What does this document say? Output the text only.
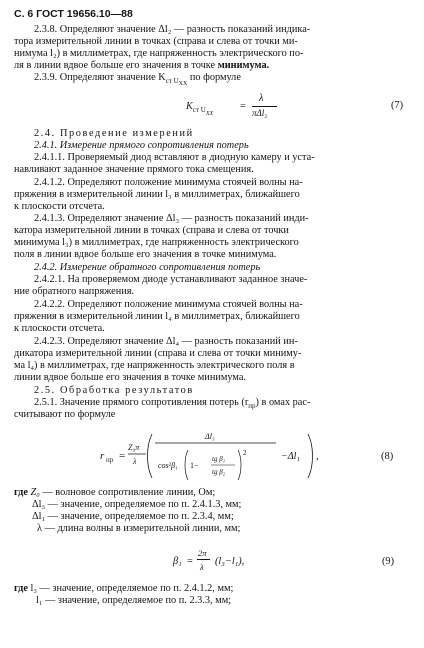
С. 6 ГОСТ 19656.10—88
2.3.8. Определяют значение Δl₂ — разность показаний индика-
тора измерительной линии в точках (справа и слева от точки ми-
нимума l₂) в миллиметрах, где напряженность электрического по-
ля в линии вдвое больше его значения в точке минимума.
2.3.9. Определяют значение $K_{ст UXX}$ по формуле
$K_{ст UXX}$
=
λ
πΔl₂
(7)
2.4. Проведение измерений
2.4.1. Измерение прямого сопротивления потерь
2.4.1.1. Проверяемый диод вставляют в диодную камеру и уста-
навливают заданное значение прямого тока смещения.
2.4.1.2. Определяют положение минимума стоячей волны на-
пряжения в измерительной линии l₃ в миллиметрах, ближайшего
к плоскости отсчета.
2.4.1.3. Определяют значение Δl₃ — разность показаний инди-
катора измерительной линии в точках (справа и слева от точки
минимума l₃) в миллиметрах, где напряженность электрического
поля в линии вдвое больше его значения в точке минимума.
2.4.2. Измерение обратного сопротивления потерь
2.4.2.1. На проверяемом диоде устанавливают заданное значе-
ние обратного напряжения.
2.4.2.2. Определяют положение минимума стоячей волны на-
пряжения в измерительной линии l₄ в миллиметрах, ближайшего
к плоскости отсчета.
2.4.2.3. Определяют значение Δl₄ — разность показаний ин-
дикатора измерительной линии (справа и слева от точки миниму-
ма l₄) в миллиметрах, где напряженность электрического поля в
линии вдвое больше его значения в точке минимума.
2.5. Обработка результатов
2.5.1. Значение прямого сопротивления потерь $(r_{пр})$ в омах рас-
считывают по формуле
r пр =
Z₀π
λ
Δl₃
cos²β₁ 1−
tg β₁
tg β₂
2	−Δl₁ ,	(8)
где Z₀ — волновое сопротивление линии, Ом;
Δl₃ — значение, определяемое по п. 2.4.1.3, мм;
Δl₁ — значение, определяемое по п. 2.3.4, мм;
λ — длина волны в измерительной линии, мм;
β₁ =
2π
λ (l₃−l₁),	(9)
где l₃ — значение, определяемое по п. 2.4.1.2, мм;
l₁ — значение, определяемое по п. 2.3.3, мм;
